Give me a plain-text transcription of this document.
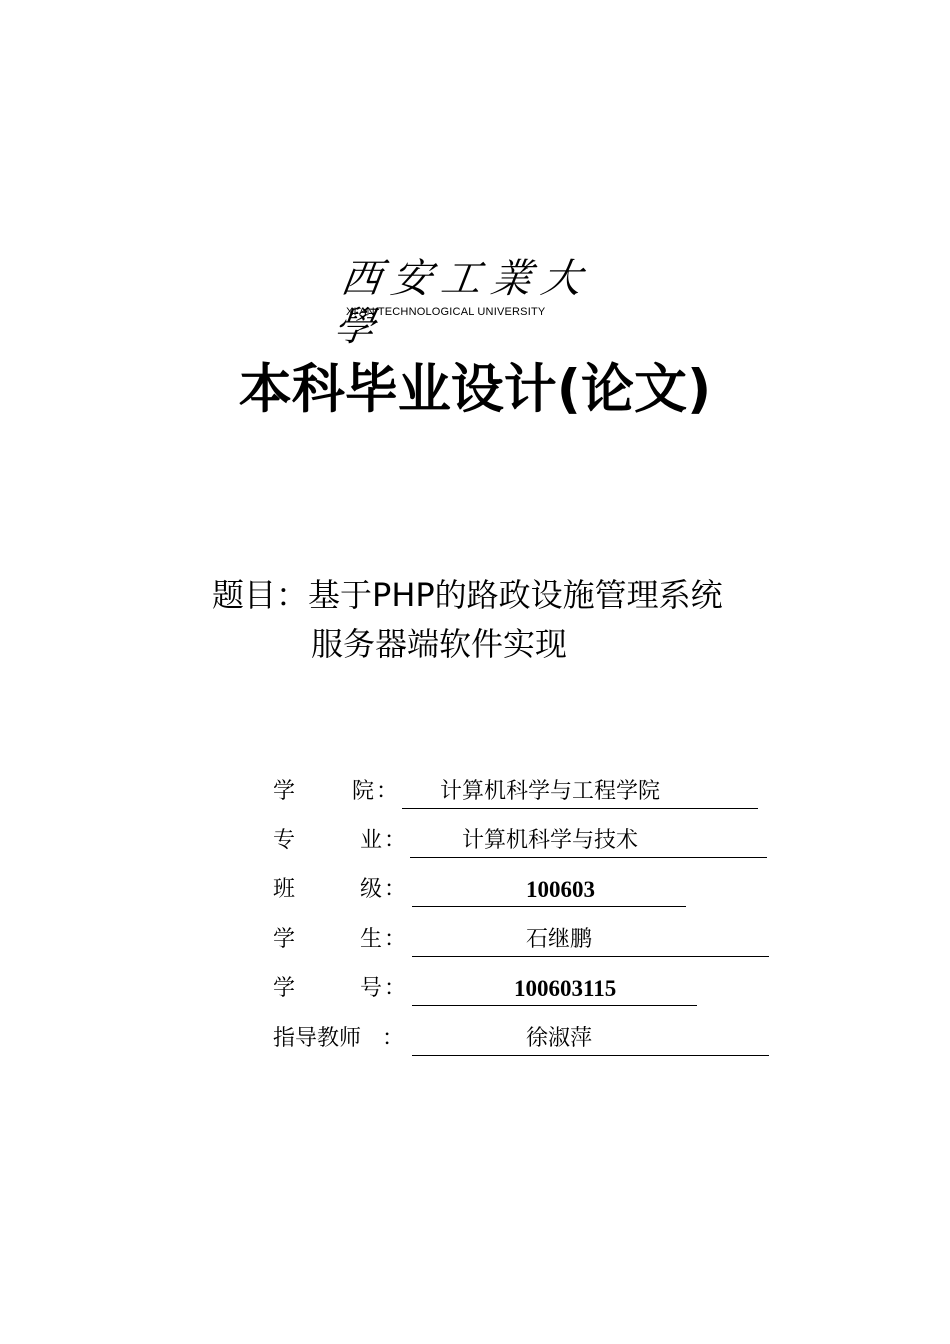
西安工業大學
XI'AN TECHNOLOGICAL UNIVERSITY
本科毕业设计(论文)
题目：基于PHP的路政设施管理系统
服务器端软件实现
学	院 ： 计算机科学与工程学院
专	业 ：	计算机科学与技术
班	级 ：	100603
学	生 ：	石继鹏
学	号 ：	100603115
指导教师 ：	徐淑萍
